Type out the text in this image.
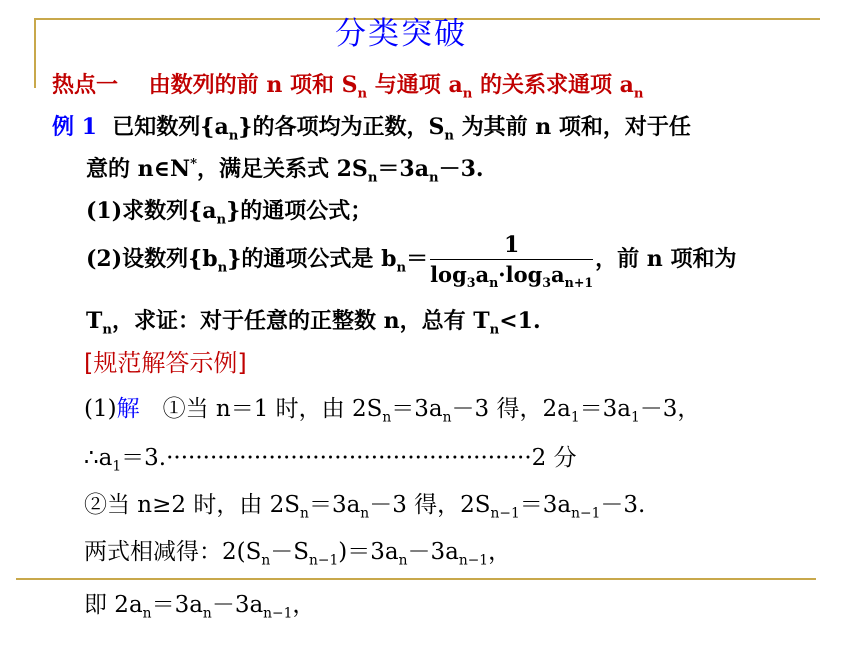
分类突破
热点一 由数列的前 n 项和 $S_n$ 与通项 $a_n$ 的关系求通项 $a_n$
例 1 已知数列$\{a_n\}$的各项均为正数，$S_n$ 为其前 n 项和，对于任
意的 n∈N*，满足关系式 $2S_n=3a_n-3$.
(1)求数列$\{a_n\}$的通项公式；
(2)设数列$\{b_n\}$的通项公式是 $b_n= \frac{1}{\log_3a_n\cdot\log_3a_{n+1}}$ ，前 n 项和为
$T_n$，求证：对于任意的正整数 n，总有 $T_n<1$.
[规范解答示例]
(1)解　①当 n＝1 时，由 $2S_n=3a_n-3$ 得，$2a_1=3a_1-3$，
$\therefore a_1=3.\cdot\cdot\cdot\cdot\cdot\cdot\cdot\cdot\cdot\cdot\cdot\cdot\cdot\cdot\cdot\cdot\cdot\cdot\cdot\cdot\cdot\cdot\cdot\cdot\cdot\cdot\cdot\cdot\cdot\cdot\cdot\cdot\cdot\cdot\cdot\cdot\cdot\cdot\cdot\cdot\cdot\cdot\cdot\cdot\cdot\cdot\cdot\cdot\cdot\cdot 2$ 分
②当 n≥2 时，由 $2S_n=3a_n-3$ 得，$2S_{n-1}=3a_{n-1}-3$.
两式相减得：$2(S_n-S_{n-1})=3a_n-3a_{n-1}$，
即 $2a_n=3a_n-3a_{n-1}$，
